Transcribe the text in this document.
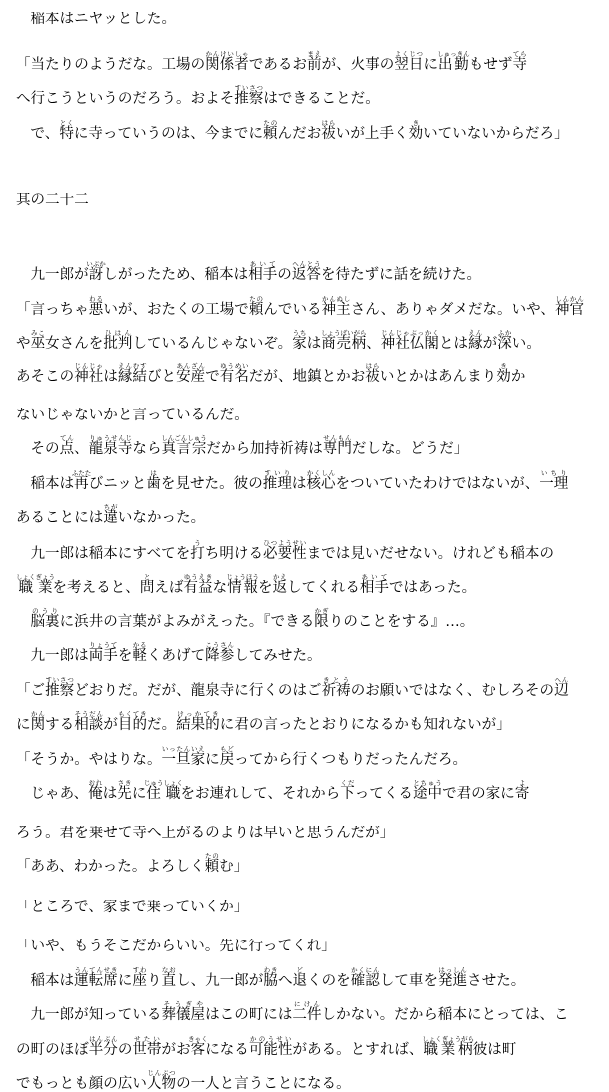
稲本はニヤッとした。
「当たりのようだな。工場の関係者かんけいしゃであるお前まえが、火事の翌日よくじつに出勤しゅっきんもせず寺てら
へ行こうというのだろう。およそ推察すいさつはできることだ。
で、特とくに寺っていうのは、今までに頼たのんだお祓はらいが上手く効きいていないからだろ」
其の二十二
九一郎が訝いぶかしがったため、稲本は相手あいての返答へんとうを待たずに話を続けた。
「言っちゃ悪わるいが、おたくの工場で頼たのんでいる神主かんぬしさん、ありゃダメだな。いや、神官しんかん
や巫みこ女さんを批判ひはんしているんじゃないぞ。家うちは商売柄しょうばいがら、神社仏閣じんじゃぶっかくとは縁えんが深ふかい。
あそこの神社じんじゃは縁結えんむすびと安産あんざんで有名ゆうめいだが、地鎮とかお祓はらいとかはあんまり効きか
ないじゃないかと言っているんだ。
その点てん、龍泉寺りゅうせんじなら真言宗しんごんしゅうだから加持祈祷は専門せんもんだしな。どうだ」
稲本は再ふたたびニッと歯はを見せた。彼の推理すいりは核心かくしんをついていたわけではないが、一理いちり
あることには違ちがいなかった。
九一郎は稲本にすべてを打うち明ける必要性ひつようせいまでは見いだせない。けれども稲本の
職業しょくぎょうを考えると、問とえば有益ゆうえきな情報じょうほうを返かえしてくれる相手あいてではあった。
脳裏のうりに浜井の言葉がよみがえった。『できる限かぎりのことをする』…。
九一郎は両手りょうてを軽かるくあげて降参こうさんしてみせた。
「ご推察すいさつどおりだ。だが、龍泉寺に行くのはご祈祷きとうのお願いではなく、むしろその辺へん
に関かんする相談そうだんが目的もくてきだ。結果的けっかてきに君の言ったとおりになるかも知れないが」
「そうか。やはりな。一旦いったん家いえに戻もどってから行くつもりだったんだろ。
じゃあ、俺おれは先さきに住職じゅうしょくをお連れして、それから下くだってくる途中とちゅうで君の家に寄よ
ろう。君を乗せて寺へ上がるのよりは早いと思うんだが」
「ああ、わかった。よろしく頼たのむ」
「ところで、家まで乗っていくか」
「いや、もうそこだからいい。先に行ってくれ」
稲本は運転席うんてんせきに座すわり直なおし、九一郎が脇わきへ退どくのを確認かくにんして車を発進はっしんさせた。
九一郎が知っている葬儀屋そうぎやはこの町には二件にけんしかない。だから稲本にとっては、こ
の町のほぼ半分はんぶんの世帯せたいがお客きゃくになる可能性かのうせいがある。とすれば、職業柄しょくぎょうがら彼は町
でもっとも顔の広い人物じんぶつの一人と言うことになる。
